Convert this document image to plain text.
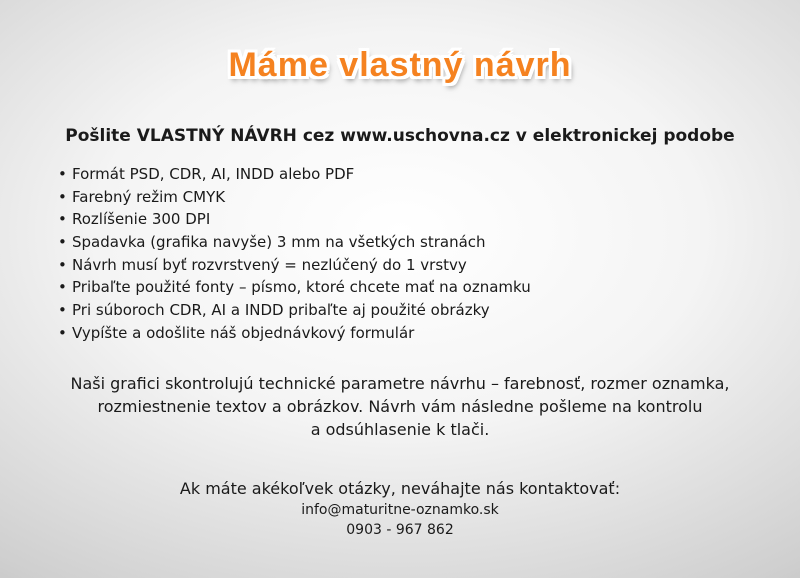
Máme vlastný návrh
Pošlite VLASTNÝ NÁVRH cez www.uschovna.cz v elektronickej podobe
• Formát PSD, CDR, AI, INDD alebo PDF
• Farebný režim CMYK
• Rozlíšenie 300 DPI
• Spadavka (grafika navyše) 3 mm na všetkých stranách
• Návrh musí byť rozvrstvený = nezlúčený do 1 vrstvy
• Pribaľte použité fonty – písmo, ktoré chcete mať na oznamku
• Pri súboroch CDR, AI a INDD pribaľte aj použité obrázky
• Vypíšte a odošlite náš objednávkový formulár
Naši grafici skontrolujú technické parametre návrhu – farebnosť, rozmer oznamka,
rozmiestnenie textov a obrázkov. Návrh vám následne pošleme na kontrolu
a odsúhlasenie k tlači.
Ak máte akékoľvek otázky, neváhajte nás kontaktovať:
info@maturitne-oznamko.sk
0903 - 967 862
